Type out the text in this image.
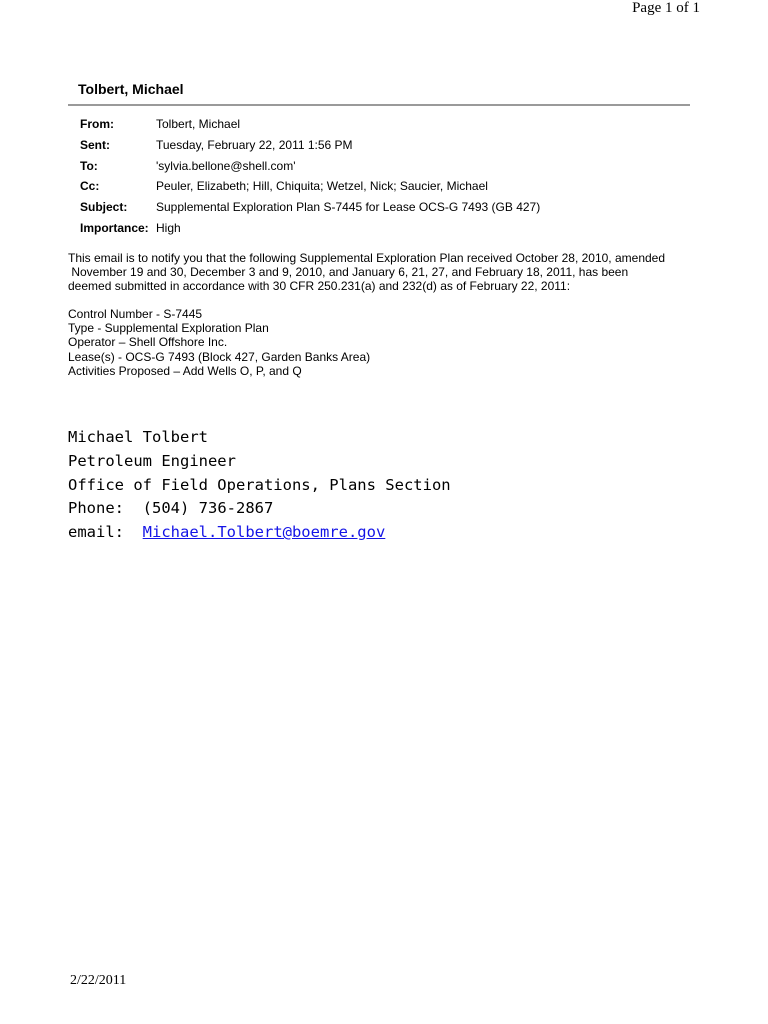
Page 1 of 1
Tolbert, Michael
From:	Tolbert, Michael
Sent:	Tuesday, February 22, 2011 1:56 PM
To:	'sylvia.bellone@shell.com'
Cc:	Peuler, Elizabeth; Hill, Chiquita; Wetzel, Nick; Saucier, Michael
Subject:	Supplemental Exploration Plan S-7445 for Lease OCS-G 7493 (GB 427)
Importance: High

This email is to notify you that the following Supplemental Exploration Plan received October 28, 2010, amended

November 19 and 30, December 3 and 9, 2010, and January 6, 21, 27, and February 18, 2011, has been

deemed submitted in accordance with 30 CFR 250.231(a) and 232(d) as of February 22, 2011:

Control Number - S-7445
Type - Supplemental Exploration Plan
Operator – Shell Offshore Inc.
Lease(s) - OCS-G 7493 (Block 427, Garden Banks Area)
Activities Proposed – Add Wells O, P, and Q
Michael Tolbert
Petroleum Engineer
Office of Field Operations, Plans Section
Phone: (504) 736-2867
email: Michael.Tolbert@boemre.gov
2/22/2011
